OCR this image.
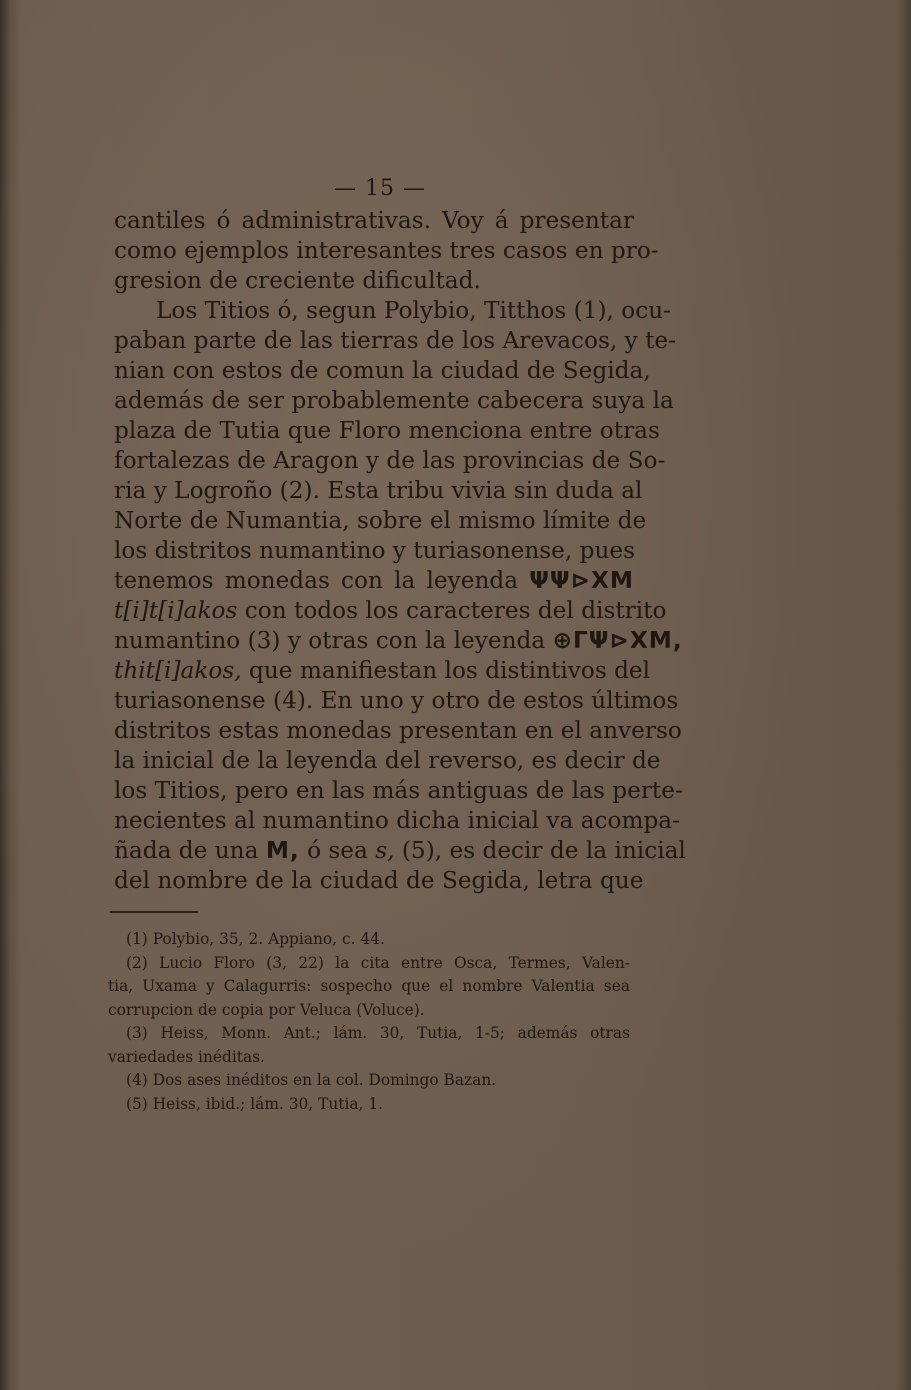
— 15 —
cantiles ó administrativas. Voy á presentar
como ejemplos interesantes tres casos en pro-
gresion de creciente dificultad.
Los Titios ó, segun Polybio, Titthos (1), ocu-
paban parte de las tierras de los Arevacos, y te-
nian con estos de comun la ciudad de Segida,
además de ser probablemente cabecera suya la
plaza de Tutia que Floro menciona entre otras
fortalezas de Aragon y de las provincias de So-
ria y Logroño (2). Esta tribu vivia sin duda al
Norte de Numantia, sobre el mismo límite de
los distritos numantino y turiasonense, pues
tenemos monedas con la leyenda ΨΨ⊳ΧΜ
t[i]t[i]akos con todos los caracteres del distrito
numantino (3) y otras con la leyenda ⊕ΓΨ⊳ΧΜ,
thit[i]akos, que manifiestan los distintivos del
turiasonense (4). En uno y otro de estos últimos
distritos estas monedas presentan en el anverso
la inicial de la leyenda del reverso, es decir de
los Titios, pero en las más antiguas de las perte-
necientes al numantino dicha inicial va acompa-
ñada de una Μ, ó sea s, (5), es decir de la inicial
del nombre de la ciudad de Segida, letra que
(1) Polybio, 35, 2. Appiano, c. 44.
(2) Lucio Floro (3, 22) la cita entre Osca, Termes, Valen-
tia, Uxama y Calagurris: sospecho que el nombre Valentia sea
corrupcion de copia por Veluca (Voluce).
(3) Heiss, Monn. Ant.; lám. 30, Tutia, 1-5; además otras
variedades inéditas.
(4) Dos ases inéditos en la col. Domingo Bazan.
(5) Heiss, ibid.; lám. 30, Tutia, 1.
